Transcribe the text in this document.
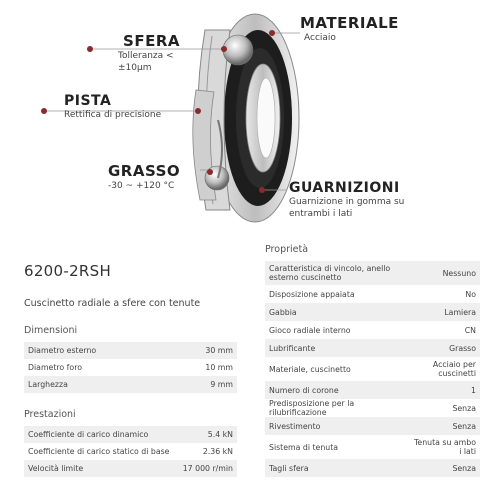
SFERA
Tolleranza < ±10µm
MATERIALE
Acciaio
PISTA
Rettifica di precisione
GRASSO
-30 ~ +120 °C	GUARNIZIONI
Guarnizione in gomma su entrambi i lati
6200-2RSH
Cuscinetto radiale a sfere con tenute
Dimensioni
Diametro esterno	30 mm
Diametro foro	10 mm
Larghezza	9 mm
Prestazioni
Coefficiente di carico dinamico	5.4 kN
Coefficiente di carico statico di base	2.36 kN
Velocità limite	17 000 r/min
Proprietà
Caratteristica di vincolo, anello esterno cuscinetto	Nessuno
Disposizione appaiata	No
Gabbia	Lamiera
Gioco radiale interno	CN
Lubrificante	Grasso
Materiale, cuscinetto	Acciaio per cuscinetti
Numero di corone	1
Predisposizione per la rilubrificazione	Senza
Rivestimento	Senza
Sistema di tenuta	Tenuta su ambo i lati
Tagli sfera	Senza
